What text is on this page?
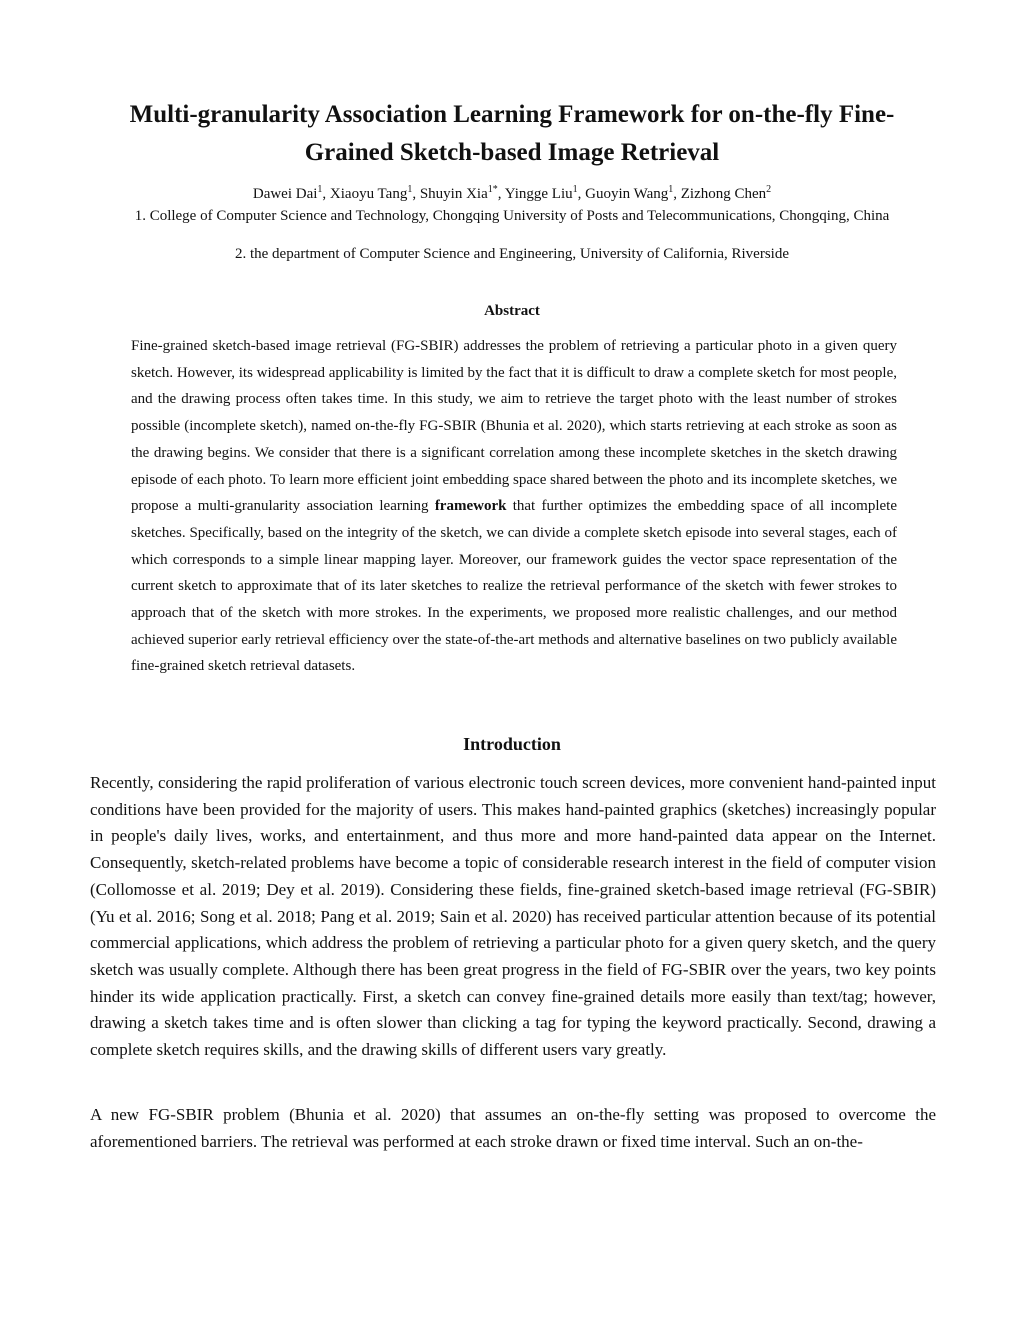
Multi-granularity Association Learning Framework for on-the-fly Fine-Grained Sketch-based Image Retrieval

Dawei Dai$^1$, Xiaoyu Tang$^1$, Shuyin Xia$^{1*}$, Yingge Liu$^1$, Guoyin Wang$^1$, Zizhong Chen$^2$

1. College of Computer Science and Technology, Chongqing University of Posts and Telecommunications, Chongqing, China

2. the department of Computer Science and Engineering, University of California, Riverside

Abstract

Fine-grained sketch-based image retrieval (FG-SBIR) addresses the problem of retrieving a particular photo in a given query sketch. However, its widespread applicability is limited by the fact that it is difficult to draw a complete sketch for most people, and the drawing process often takes time. In this study, we aim to retrieve the target photo with the least number of strokes possible (incomplete sketch), named on-the-fly FG-SBIR (Bhunia et al. 2020), which starts retrieving at each stroke as soon as the drawing begins. We consider that there is a significant correlation among these incomplete sketches in the sketch drawing episode of each photo. To learn more efficient joint embedding space shared between the photo and its incomplete sketches, we propose a multi-granularity association learning framework that further optimizes the embedding space of all incomplete sketches. Specifically, based on the integrity of the sketch, we can divide a complete sketch episode into several stages, each of which corresponds to a simple linear mapping layer. Moreover, our framework guides the vector space representation of the current sketch to approximate that of its later sketches to realize the retrieval performance of the sketch with fewer strokes to approach that of the sketch with more strokes. In the experiments, we proposed more realistic challenges, and our method achieved superior early retrieval efficiency over the state-of-the-art methods and alternative baselines on two publicly available fine-grained sketch retrieval datasets.

Introduction

Recently, considering the rapid proliferation of various electronic touch screen devices, more convenient hand-painted input conditions have been provided for the majority of users. This makes hand-painted graphics (sketches) increasingly popular in people's daily lives, works, and entertainment, and thus more and more hand-painted data appear on the Internet. Consequently, sketch-related problems have become a topic of considerable research interest in the field of computer vision (Collomosse et al. 2019; Dey et al. 2019). Considering these fields, fine-grained sketch-based image retrieval (FG-SBIR) (Yu et al. 2016; Song et al. 2018; Pang et al. 2019; Sain et al. 2020) has received particular attention because of its potential commercial applications, which address the problem of retrieving a particular photo for a given query sketch, and the query sketch was usually complete. Although there has been great progress in the field of FG-SBIR over the years, two key points hinder its wide application practically. First, a sketch can convey fine-grained details more easily than text/tag; however, drawing a sketch takes time and is often slower than clicking a tag for typing the keyword practically. Second, drawing a complete sketch requires skills, and the drawing skills of different users vary greatly.

A new FG-SBIR problem (Bhunia et al. 2020) that assumes an on-the-fly setting was proposed to overcome the aforementioned barriers. The retrieval was performed at each stroke drawn or fixed time interval. Such an on-the-
